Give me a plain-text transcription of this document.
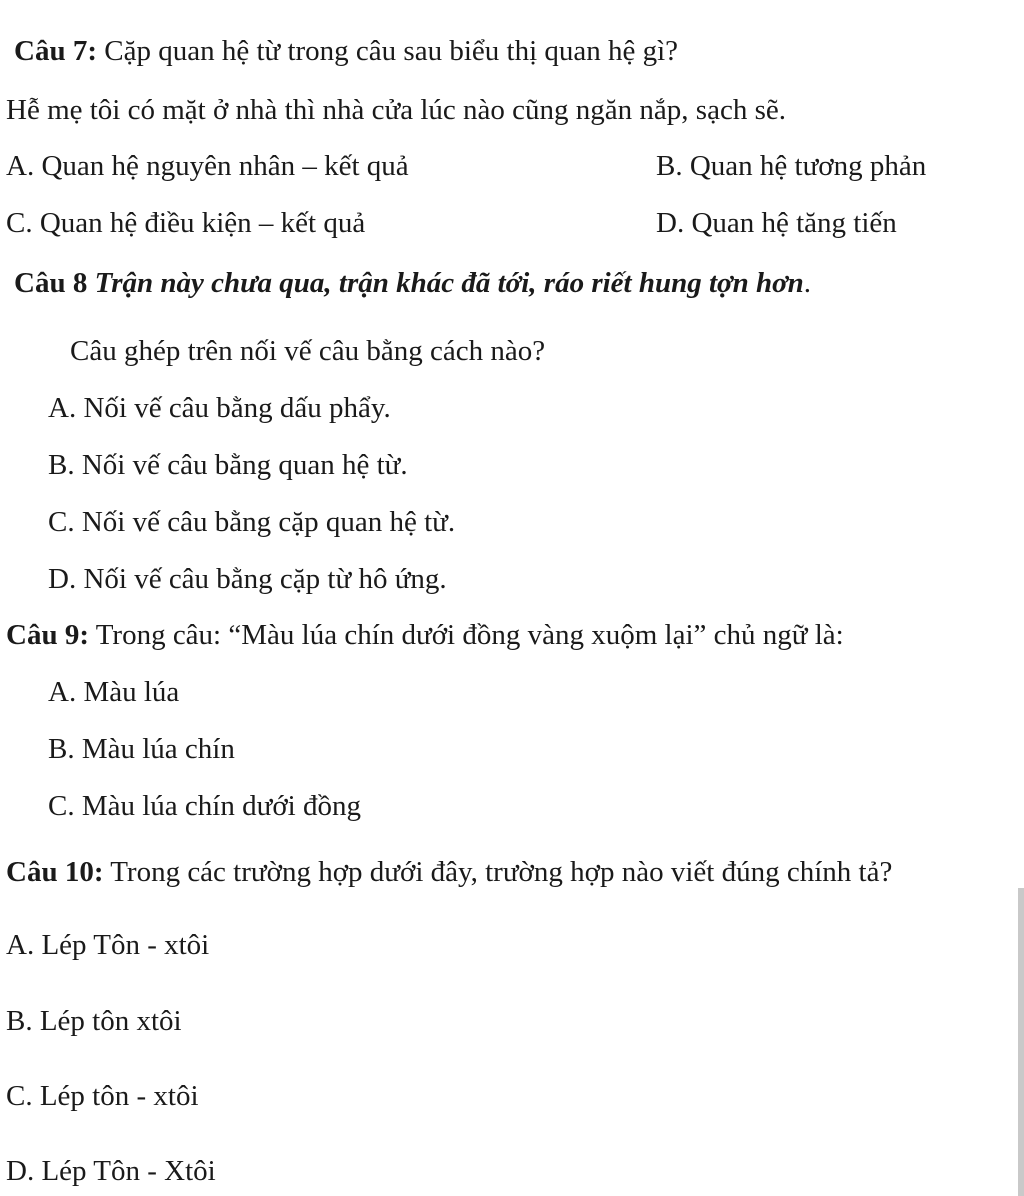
Câu 7: Cặp quan hệ từ trong câu sau biểu thị quan hệ gì?
Hễ mẹ tôi có mặt ở nhà thì nhà cửa lúc nào cũng ngăn nắp, sạch sẽ.
A. Quan hệ nguyên nhân – kết quả	B. Quan hệ tương phản
C. Quan hệ điều kiện – kết quả	D. Quan hệ tăng tiến
Câu 8 Trận này chưa qua, trận khác đã tới, ráo riết hung tợn hơn.
Câu ghép trên nối vế câu bằng cách nào?
A. Nối vế câu bằng dấu phẩy.
B. Nối vế câu bằng quan hệ từ.
C. Nối vế câu bằng cặp quan hệ từ.
D. Nối vế câu bằng cặp từ hô ứng.
Câu 9: Trong câu: “Màu lúa chín dưới đồng vàng xuộm lại” chủ ngữ là:
A. Màu lúa
B. Màu lúa chín
C. Màu lúa chín dưới đồng
Câu 10: Trong các trường hợp dưới đây, trường hợp nào viết đúng chính tả?
A. Lép Tôn - xtôi
B. Lép tôn xtôi
C. Lép tôn - xtôi
D. Lép Tôn - Xtôi
